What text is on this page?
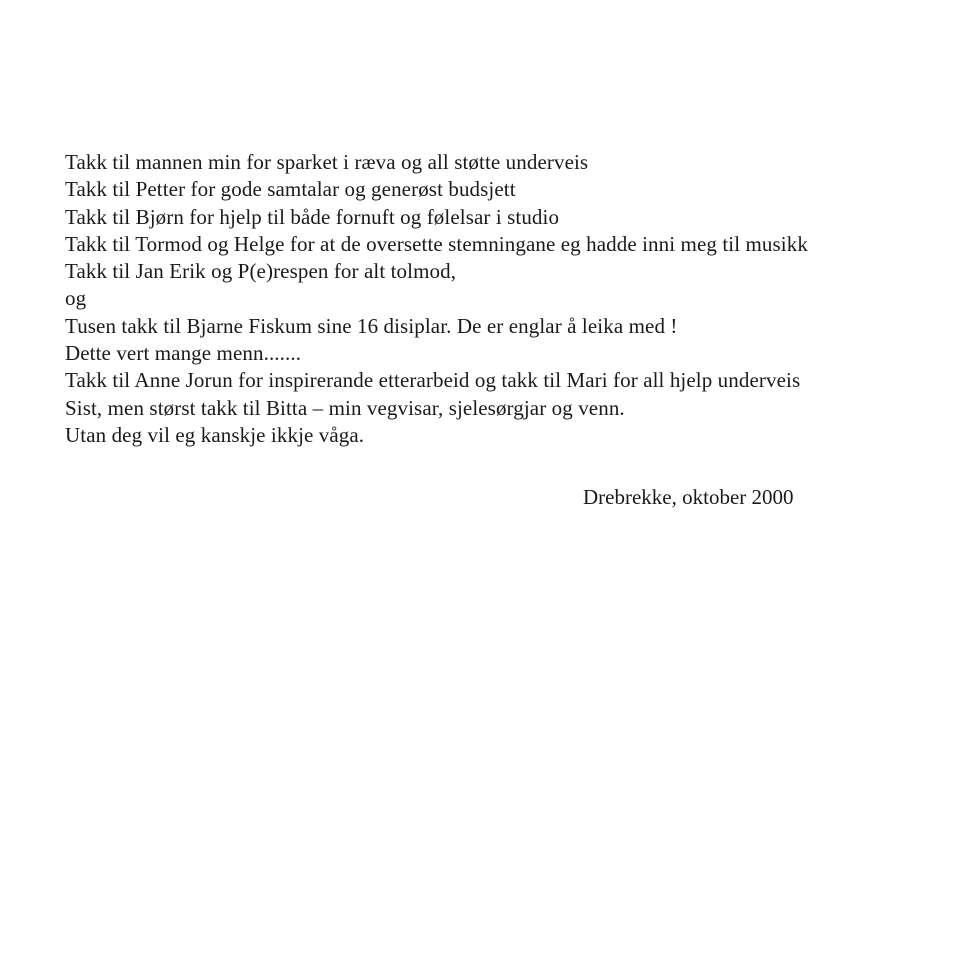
Takk til mannen min for sparket i ræva og all støtte underveis
Takk til Petter for gode samtalar og generøst budsjett
Takk til Bjørn for hjelp til både fornuft og følelsar i studio
Takk til Tormod og Helge for at de oversette stemningane eg hadde inni meg til musikk
Takk til Jan Erik og P(e)respen for alt tolmod,
og
Tusen takk til Bjarne Fiskum sine 16 disiplar. De er englar å leika med !
Dette vert mange menn.......
Takk til Anne Jorun for inspirerande etterarbeid og takk til Mari for all hjelp underveis
Sist, men størst takk til Bitta – min vegvisar, sjelesørgjar og venn.
Utan deg vil eg kanskje ikkje våga.
Drebrekke, oktober 2000
